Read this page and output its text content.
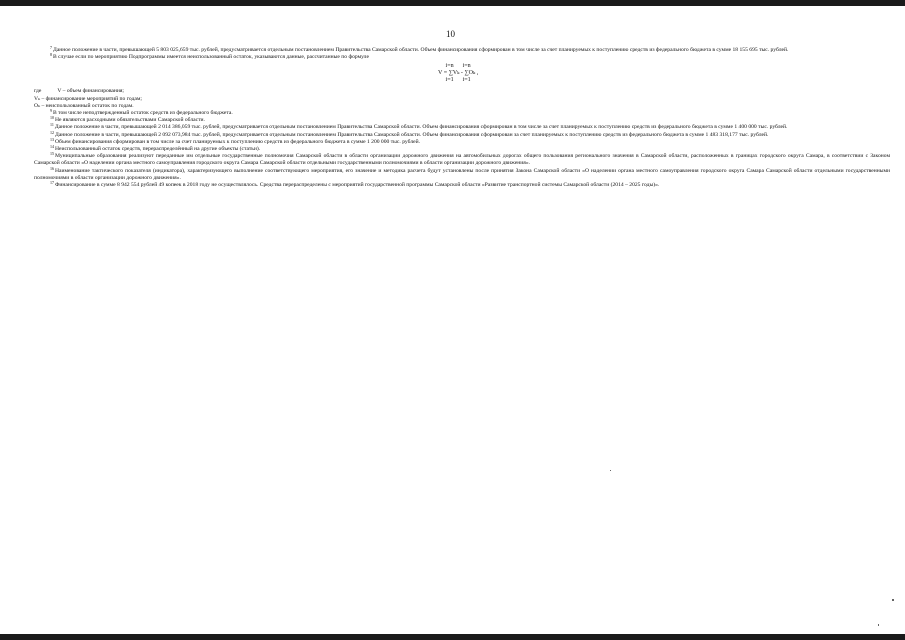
10

$^7$Данное положение в части, превышающей 5 803 025,659 тыс. рублей, предусматривается отдельным постановлением Правительства Самарской области. Объем финансирования сформирован в том числе за счет планируемых к поступлению средств из федерального бюджета в сумме 18 155 695 тыс. рублей.

$^8$В случае если по мероприятию Подпрограммы имеется неиспользованный остаток, указываются данные, рассчитанные по формуле

i=n      i=n
V = ∑Vₖ - ∑Oₖ ,
i=1      i=1
где	V – объем финансирования;
Vₖ – финансирование мероприятий по годам;
Oₖ – неиспользованный остаток по годам.

$^9$В том числе неподтвержденный остаток средств из федерального бюджета.

$^{10}$Не являются расходными обязательствами Самарской области.

$^{11}$Данное положение в части, превышающей 2 014 386,059 тыс. рублей, предусматривается отдельным постановлением Правительства Самарской области. Объем финансирования сформирован в том числе за счет планируемых к поступлению средств из федерального бюджета в сумме 1 400 000 тыс. рублей.

$^{12}$Данное положение в части, превышающей 2 092 073,984 тыс. рублей, предусматривается отдельным постановлением Правительства Самарской области. Объем финансирования сформирован за счет планируемых к поступлению средств из федерального бюджета в сумме 1 483 318,177 тыс. рублей.

$^{13}$Объем финансирования сформирован в том числе за счет планируемых к поступлению средств из федерального бюджета в сумме 1 200 000 тыс. рублей.

$^{14}$Неиспользованный остаток средств, перераспределённый на другие объекты (статьи).

$^{15}$Муниципальные образования реализуют переданные им отдельные государственные полномочия Самарской области в области организации дорожного движения на автомобильных дорогах общего пользования регионального значения в Самарской области, расположенных в границах городского округа Самара, в соответствии с Законом Самарской области «О наделении органа местного самоуправления городского округа Самара Самарской области отдельными государственными полномочиями в области организации дорожного движения».

$^{16}$Наименование тактического показателя (индикатора), характеризующего выполнение соответствующего мероприятия, его значение и методика расчета будут установлены после принятия Закона Самарской области «О наделении органа местного самоуправления городского округа Самара Самарской области отдельными государственными полномочиями в области организации дорожного движения».

$^{17}$Финансирование в сумме 8 942 554 рублей 49 копеек в 2018 году не осуществлялось. Средства перераспределены с мероприятий государственной программы Самарской области «Развитие транспортной системы Самарской области (2014 – 2025 годы)».
